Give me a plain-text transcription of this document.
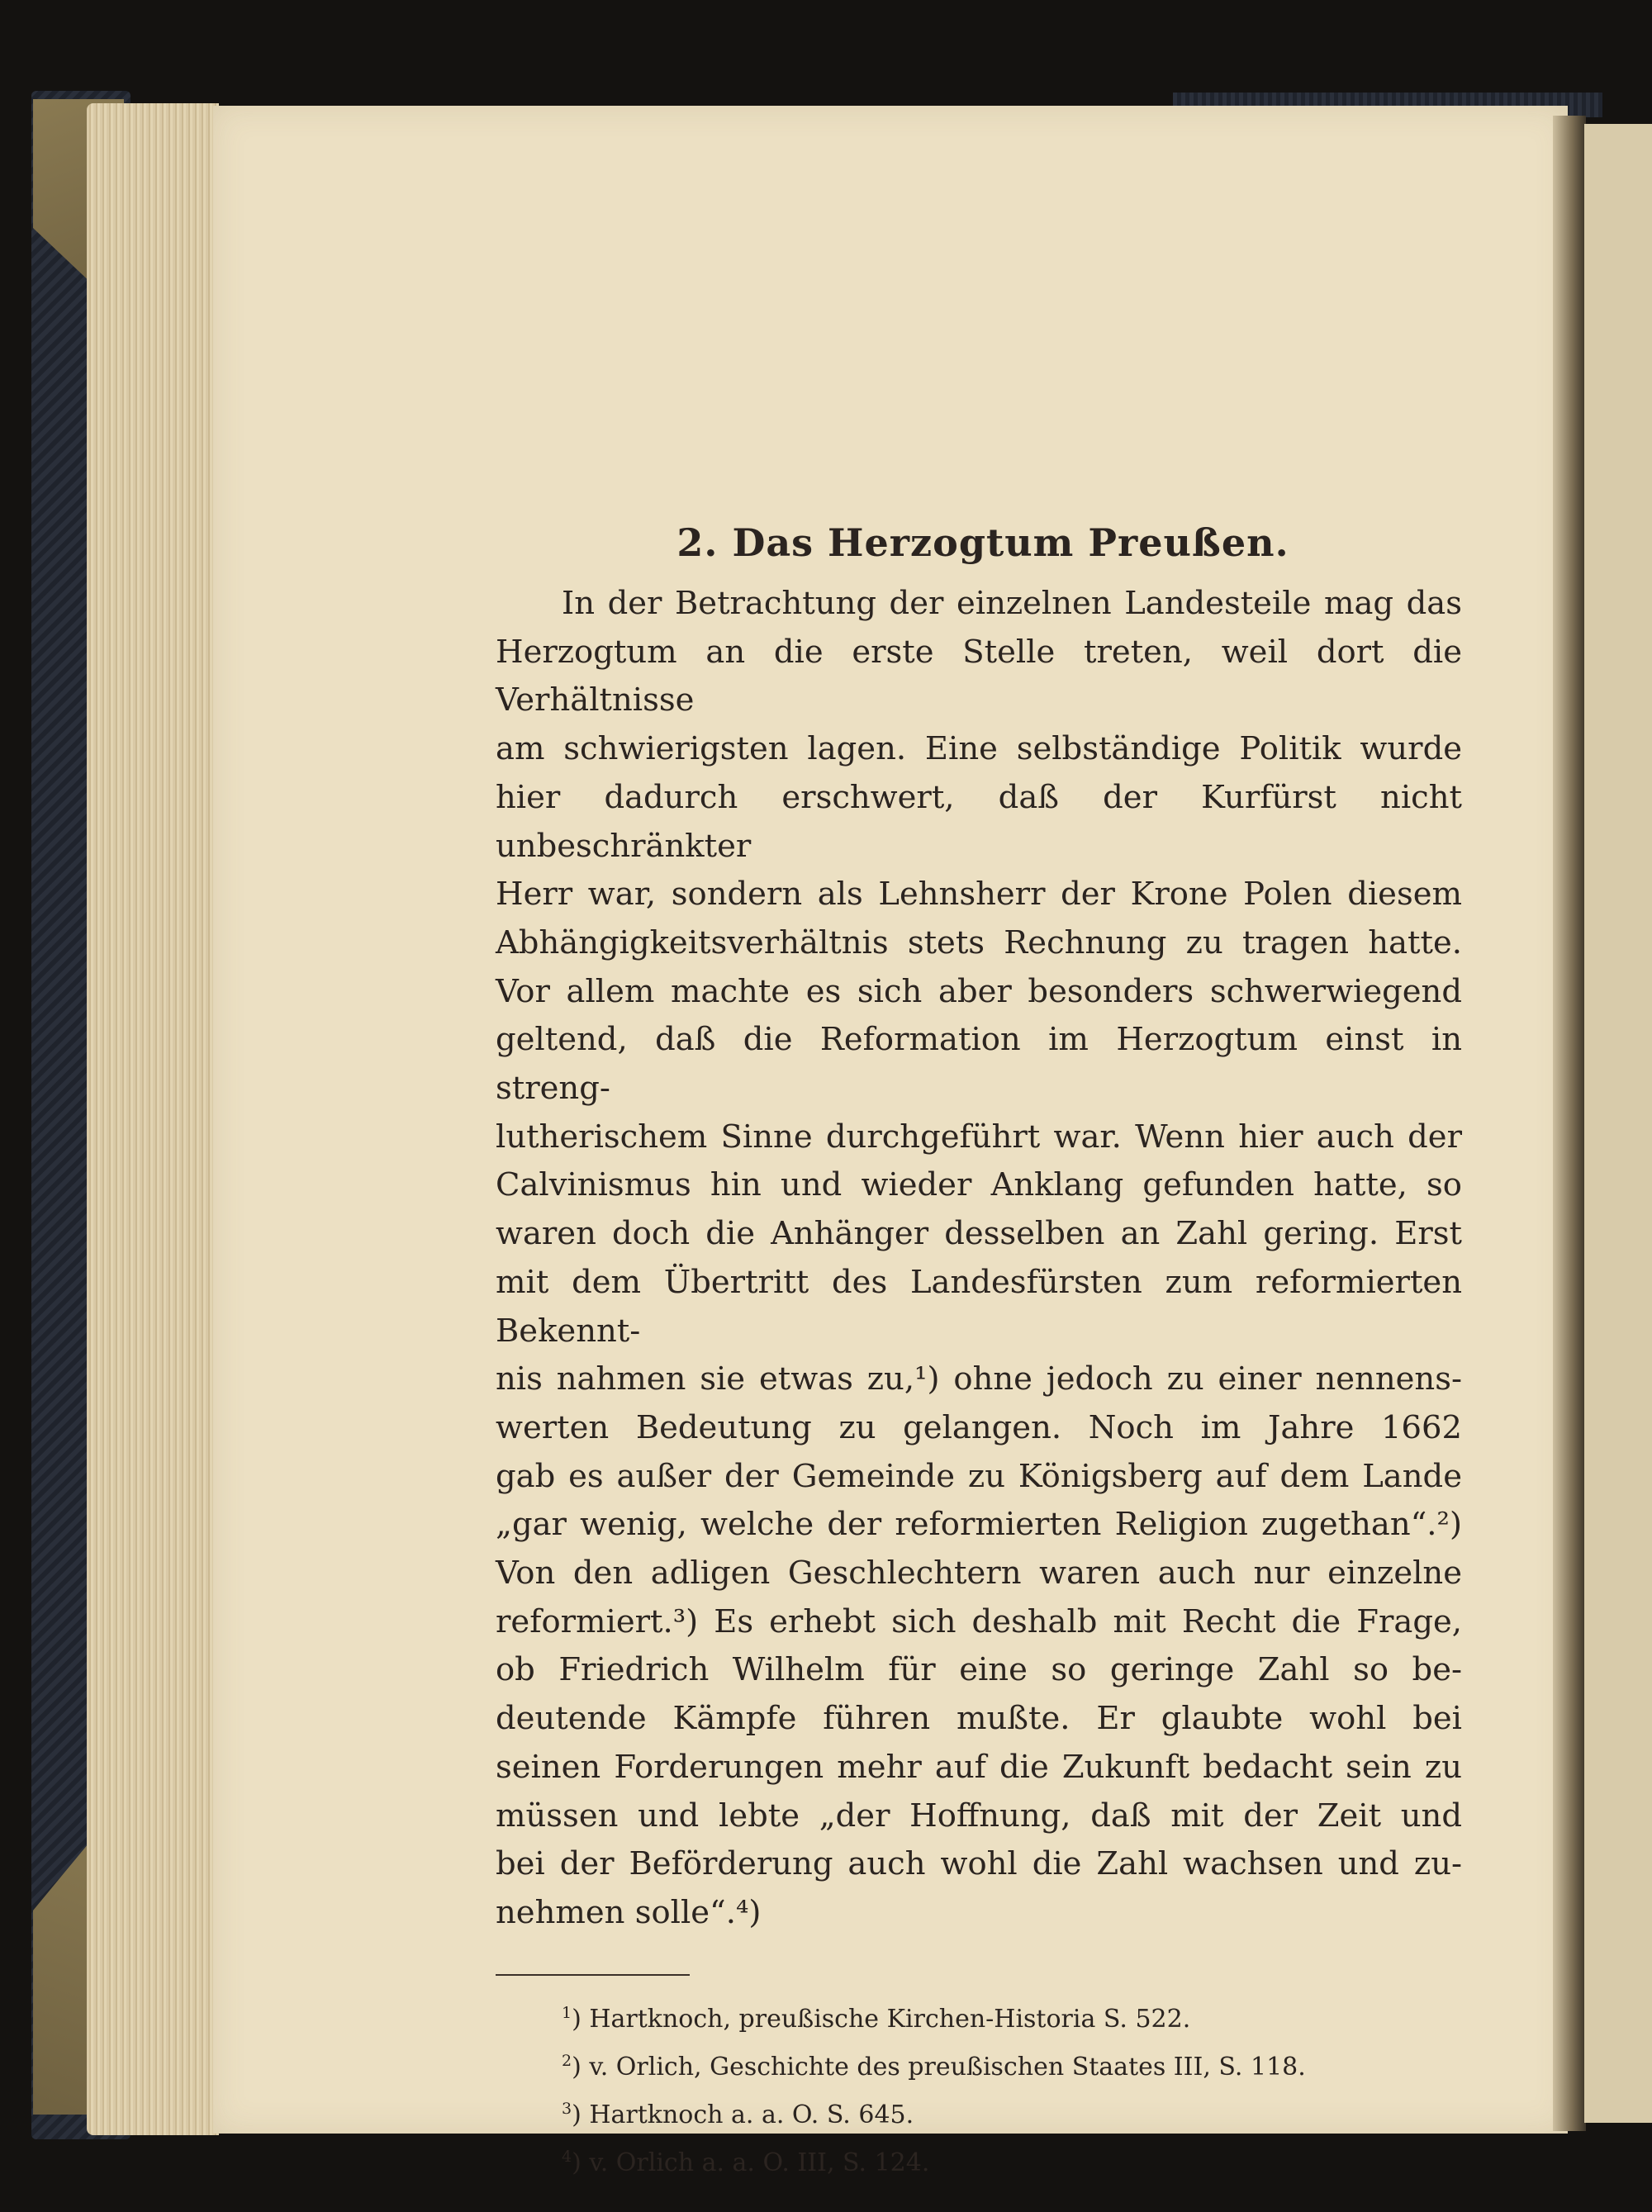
2. Das Herzogtum Preußen.
In der Betrachtung der einzelnen Landesteile mag das
Herzogtum an die erste Stelle treten, weil dort die Verhältnisse
am schwierigsten lagen. Eine selbständige Politik wurde
hier dadurch erschwert, daß der Kurfürst nicht unbeschränkter
Herr war, sondern als Lehnsherr der Krone Polen diesem
Abhängigkeitsverhältnis stets Rechnung zu tragen hatte.
Vor allem machte es sich aber besonders schwerwiegend
geltend, daß die Reformation im Herzogtum einst in streng-
lutherischem Sinne durchgeführt war. Wenn hier auch der
Calvinismus hin und wieder Anklang gefunden hatte, so
waren doch die Anhänger desselben an Zahl gering. Erst
mit dem Übertritt des Landesfürsten zum reformierten Bekennt-
nis nahmen sie etwas zu,¹) ohne jedoch zu einer nennens-
werten Bedeutung zu gelangen. Noch im Jahre 1662
gab es außer der Gemeinde zu Königsberg auf dem Lande
„gar wenig, welche der reformierten Religion zugethan“.²)
Von den adligen Geschlechtern waren auch nur einzelne
reformiert.³) Es erhebt sich deshalb mit Recht die Frage,
ob Friedrich Wilhelm für eine so geringe Zahl so be-
deutende Kämpfe führen mußte. Er glaubte wohl bei
seinen Forderungen mehr auf die Zukunft bedacht sein zu
müssen und lebte „der Hoffnung, daß mit der Zeit und
bei der Beförderung auch wohl die Zahl wachsen und zu-
nehmen solle“.⁴)
$^1$) Hartknoch, preußische Kirchen-Historia S. 522.
$^2$) v. Orlich, Geschichte des preußischen Staates III, S. 118.
$^3$) Hartknoch a. a. O. S. 645.
$^4$) v. Orlich a. a. O. III, S. 124.
